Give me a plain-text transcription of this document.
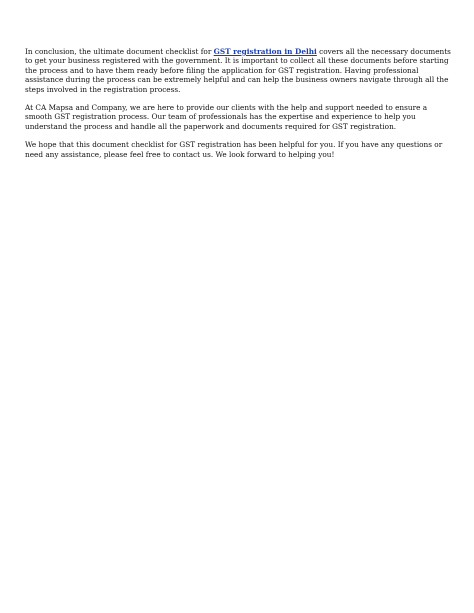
In conclusion, the ultimate document checklist for GST registration in Delhi covers all the necessary documents to get your business registered with the government. It is important to collect all these documents before starting the process and to have them ready before filing the application for GST registration. Having professional assistance during the process can be extremely helpful and can help the business owners navigate through all the steps involved in the registration process.

At CA Mapsa and Company, we are here to provide our clients with the help and support needed to ensure a smooth GST registration process. Our team of professionals has the expertise and experience to help you understand the process and handle all the paperwork and documents required for GST registration.

We hope that this document checklist for GST registration has been helpful for you. If you have any questions or need any assistance, please feel free to contact us. We look forward to helping you!
